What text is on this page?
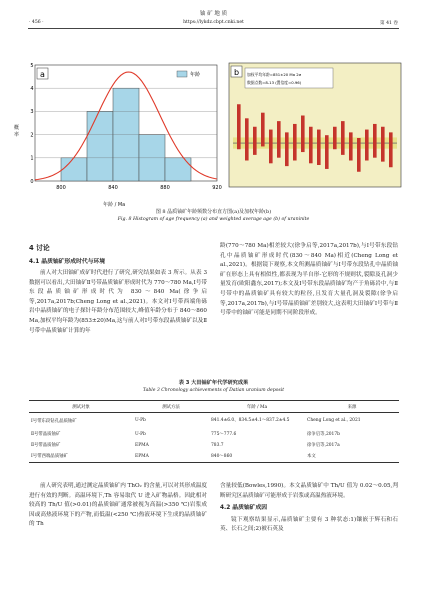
铀 矿 地 质
· 456 ·	https://lykdz.cbpt.cnki.net	第 41 卷
a
800	840	880	920
0
1
2
3
4
5
年龄
概率
年龄 / Ma
b 加权平均年龄=851±20 Ma 2σ
数据点数=8-13 (置信度=0.96)
图 8 晶质铀矿年龄频数分布直方图(a)及加权年龄(b)
Fig. 8 Histogram of age frequency (a) and weighted average age (b) of uraninite
4 讨论
4.1 晶质铀矿形成时代与环境

前人对大田铀矿成矿时代进行了研究,研究结果如表 3 所示。从表 3 数据可以看出,大田铀矿Ⅱ号带晶质铀矿形成时代为 770～780 Ma,Ⅰ号带东段晶质铀矿形成时代为 830～840 Ma(徐争启等,2017a,2017b;Cheng Long et al.,2021)。本文对Ⅰ号带西端角砾岩中晶质铀矿的电子探针年龄分布范围较大,峰值年龄分布于 840～860 Ma,加权平均年龄为(853±20)Ma,这与前人对Ⅰ号带东段晶质铀矿以及Ⅱ号带中晶质铀矿计算的年

龄(770～780 Ma)相差较大(徐争启等,2017a,2017b),与Ⅰ号带东段钻孔中晶质铀矿形成时代(830～840 Ma)相近(Cheng Long et al.,2021)。根据镜下观察,本文所测晶质铀矿与Ⅰ号带东段钻孔中晶质铀矿在形态上具有相似性,都表现为半自形-它形的不规则状,裂隙及孔洞少量发育(欧阳鑫东,2017);本文及Ⅰ号带东段晶质铀矿均产于角砾岩中,与Ⅱ号带中的晶质铀矿具有较大的粒径,且发育大量孔洞及裂隙(徐争启等,2017a,2017b),与Ⅰ号带晶质铀矿差别较大,这表明大田铀矿Ⅰ号带与Ⅱ号带中的铀矿可能是同期不同阶段形成。

表 3 大田铀矿年代学研究成果
Table 3 Chronology achievements of Datian uranium deposit
测试对象	测试方法	年龄 / Ma	来源
Ⅰ号带东段钻孔晶质铀矿	U-Pb	841.4±6.0、834.5±4.1～837.2±4.5	Cheng Long et al., 2021
Ⅱ号带晶质铀矿	U-Pb	775～777.6	徐争启等,2017b
Ⅱ号带晶质铀矿	EPMA	783.7	徐争启等,2017a
Ⅰ号带西端晶质铀矿	EPMA	840～860	本文

前人研究表明,通过测定晶质铀矿内 ThO₂ 的含量,可以对其形成温度进行有效的判断。高温环境下,Th 容易取代 U 进入矿物晶格。因此相对较高的 Th/U 值(>0.01)的晶质铀矿通常被视为高温(>350 ℃)岩浆成因或高热液环境下的产物,而低温(<250 ℃)热液环境下生成的晶质铀矿的 Th

含量较低(Bowles,1990)。本文晶质铀矿中 Th/U 值为 0.02～0.05,判断研究区晶质铀矿可能形成于岩浆或高温热液环境。

4.2 晶质铀矿成因

镜下观察结果显示,晶质铀矿主要有 3 种状态:1)镶嵌于辉石和石英、长石之间;2)被石英及
